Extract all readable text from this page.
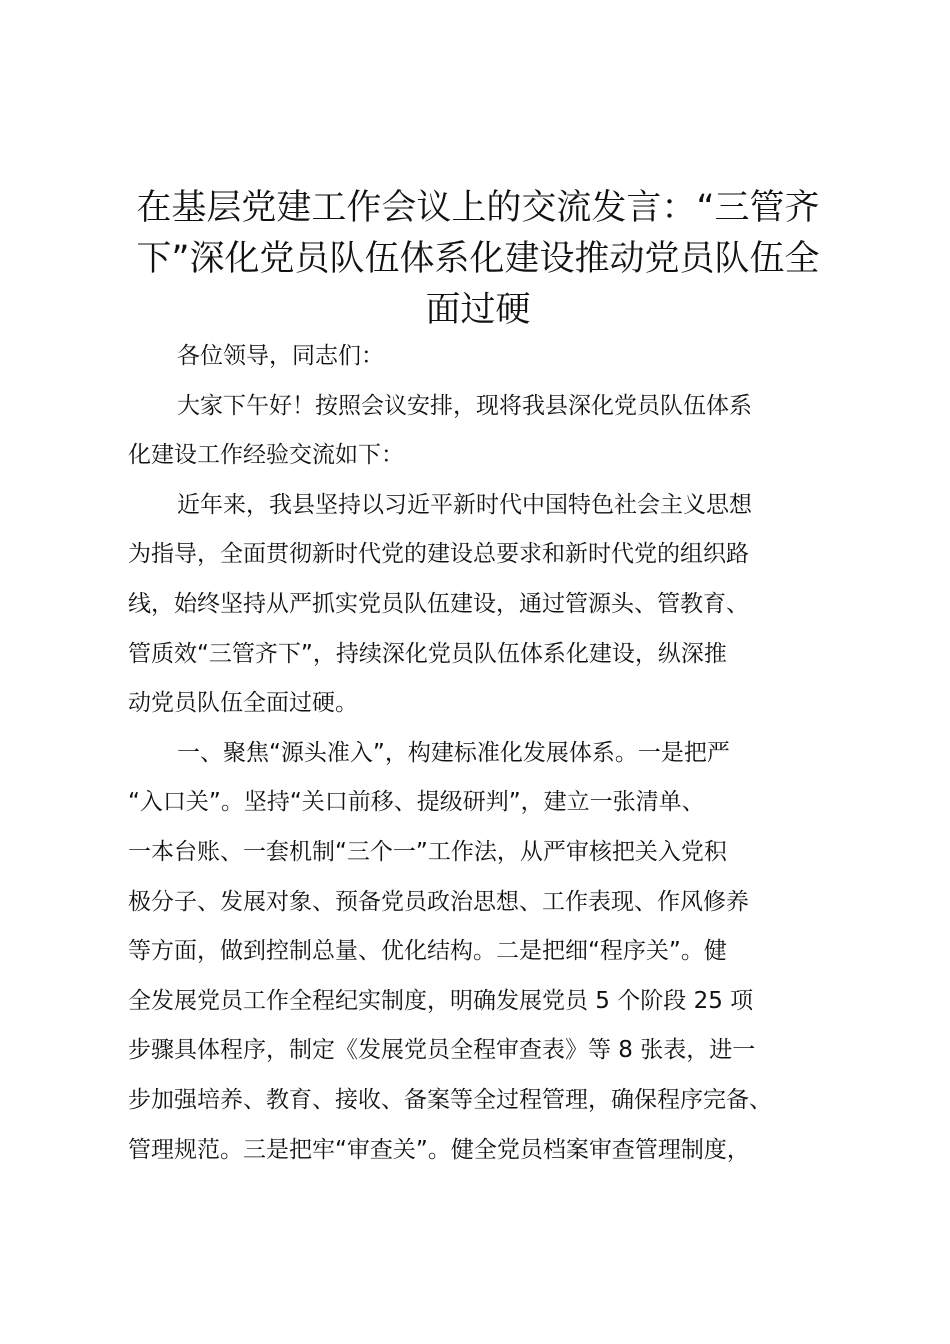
在基层党建工作会议上的交流发言：“三管齐
下”深化党员队伍体系化建设推动党员队伍全
面过硬
各位领导，同志们：
大家下午好！按照会议安排，现将我县深化党员队伍体系
化建设工作经验交流如下：
近年来，我县坚持以习近平新时代中国特色社会主义思想
为指导，全面贯彻新时代党的建设总要求和新时代党的组织路
线，始终坚持从严抓实党员队伍建设，通过管源头、管教育、
管质效“三管齐下”，持续深化党员队伍体系化建设，纵深推
动党员队伍全面过硬。
一、聚焦“源头准入”，构建标准化发展体系。一是把严
“入口关”。坚持“关口前移、提级研判”，建立一张清单、
一本台账、一套机制“三个一”工作法，从严审核把关入党积
极分子、发展对象、预备党员政治思想、工作表现、作风修养
等方面，做到控制总量、优化结构。二是把细“程序关”。健
全发展党员工作全程纪实制度，明确发展党员 5 个阶段 25 项
步骤具体程序，制定《发展党员全程审查表》等 8 张表，进一
步加强培养、教育、接收、备案等全过程管理，确保程序完备、
管理规范。三是把牢“审查关”。健全党员档案审查管理制度，
